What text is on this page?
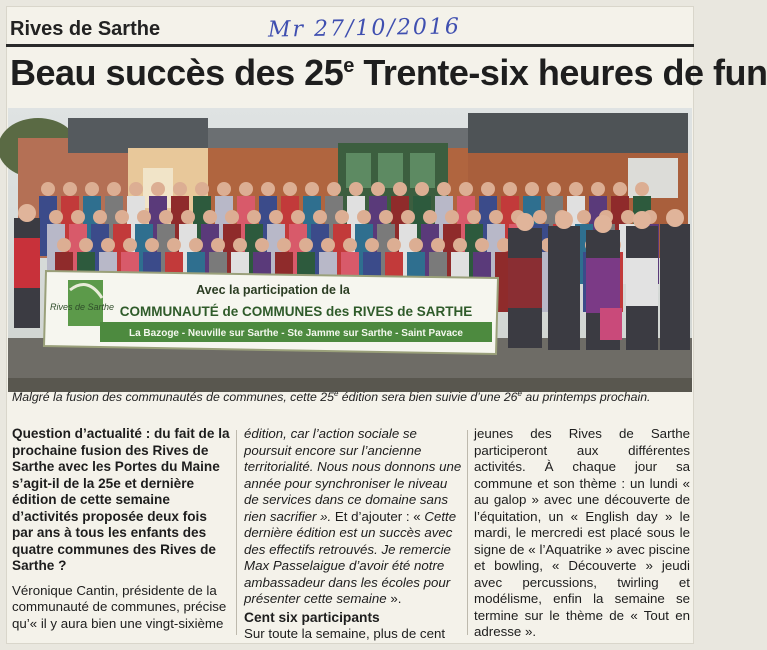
Rives de Sarthe	Mr 27/10/2016
Beau succès des 25e Trente-six heures de fun
Rives de Sarthe
Avec la participation de la
COMMUNAUTÉ de COMMUNES des RIVES de SARTHE
La Bazoge - Neuville sur Sarthe - Ste Jamme sur Sarthe - Saint Pavace
Malgré la fusion des communautés de communes, cette 25e édition sera bien suivie d’une 26e au printemps prochain.

Question d’actualité : du fait de la prochaine fusion des Rives de Sarthe avec les Portes du Maine s’agit-il de la 25e et dernière édition de cette semaine d’activités proposée deux fois par ans à tous les enfants des quatre communes des Rives de Sarthe ?

Véronique Cantin, présidente de la communauté de communes, précise qu’« il y aura bien une vingt-sixième

édition, car l’action sociale se poursuit encore sur l’ancienne territorialité. Nous nous donnons une année pour synchroniser le niveau de services dans ce domaine sans rien sacrifier ». Et d’ajouter : « Cette dernière édition est un succès avec des effectifs retrouvés. Je remercie Max Passelaigue d’avoir été notre ambassadeur dans les écoles pour présenter cette semaine ».

Cent six participants

Sur toute la semaine, plus de cent

jeunes des Rives de Sarthe participeront aux différentes activités. À chaque jour sa commune et son thème : un lundi « au galop » avec une découverte de l’équitation, un « English day » le mardi, le mercredi est placé sous le signe de « l’Aquatrike » avec piscine et bowling, « Découverte » jeudi avec percussions, twirling et modélisme, enfin la semaine se termine sur le thème de « Tout en adresse ».
